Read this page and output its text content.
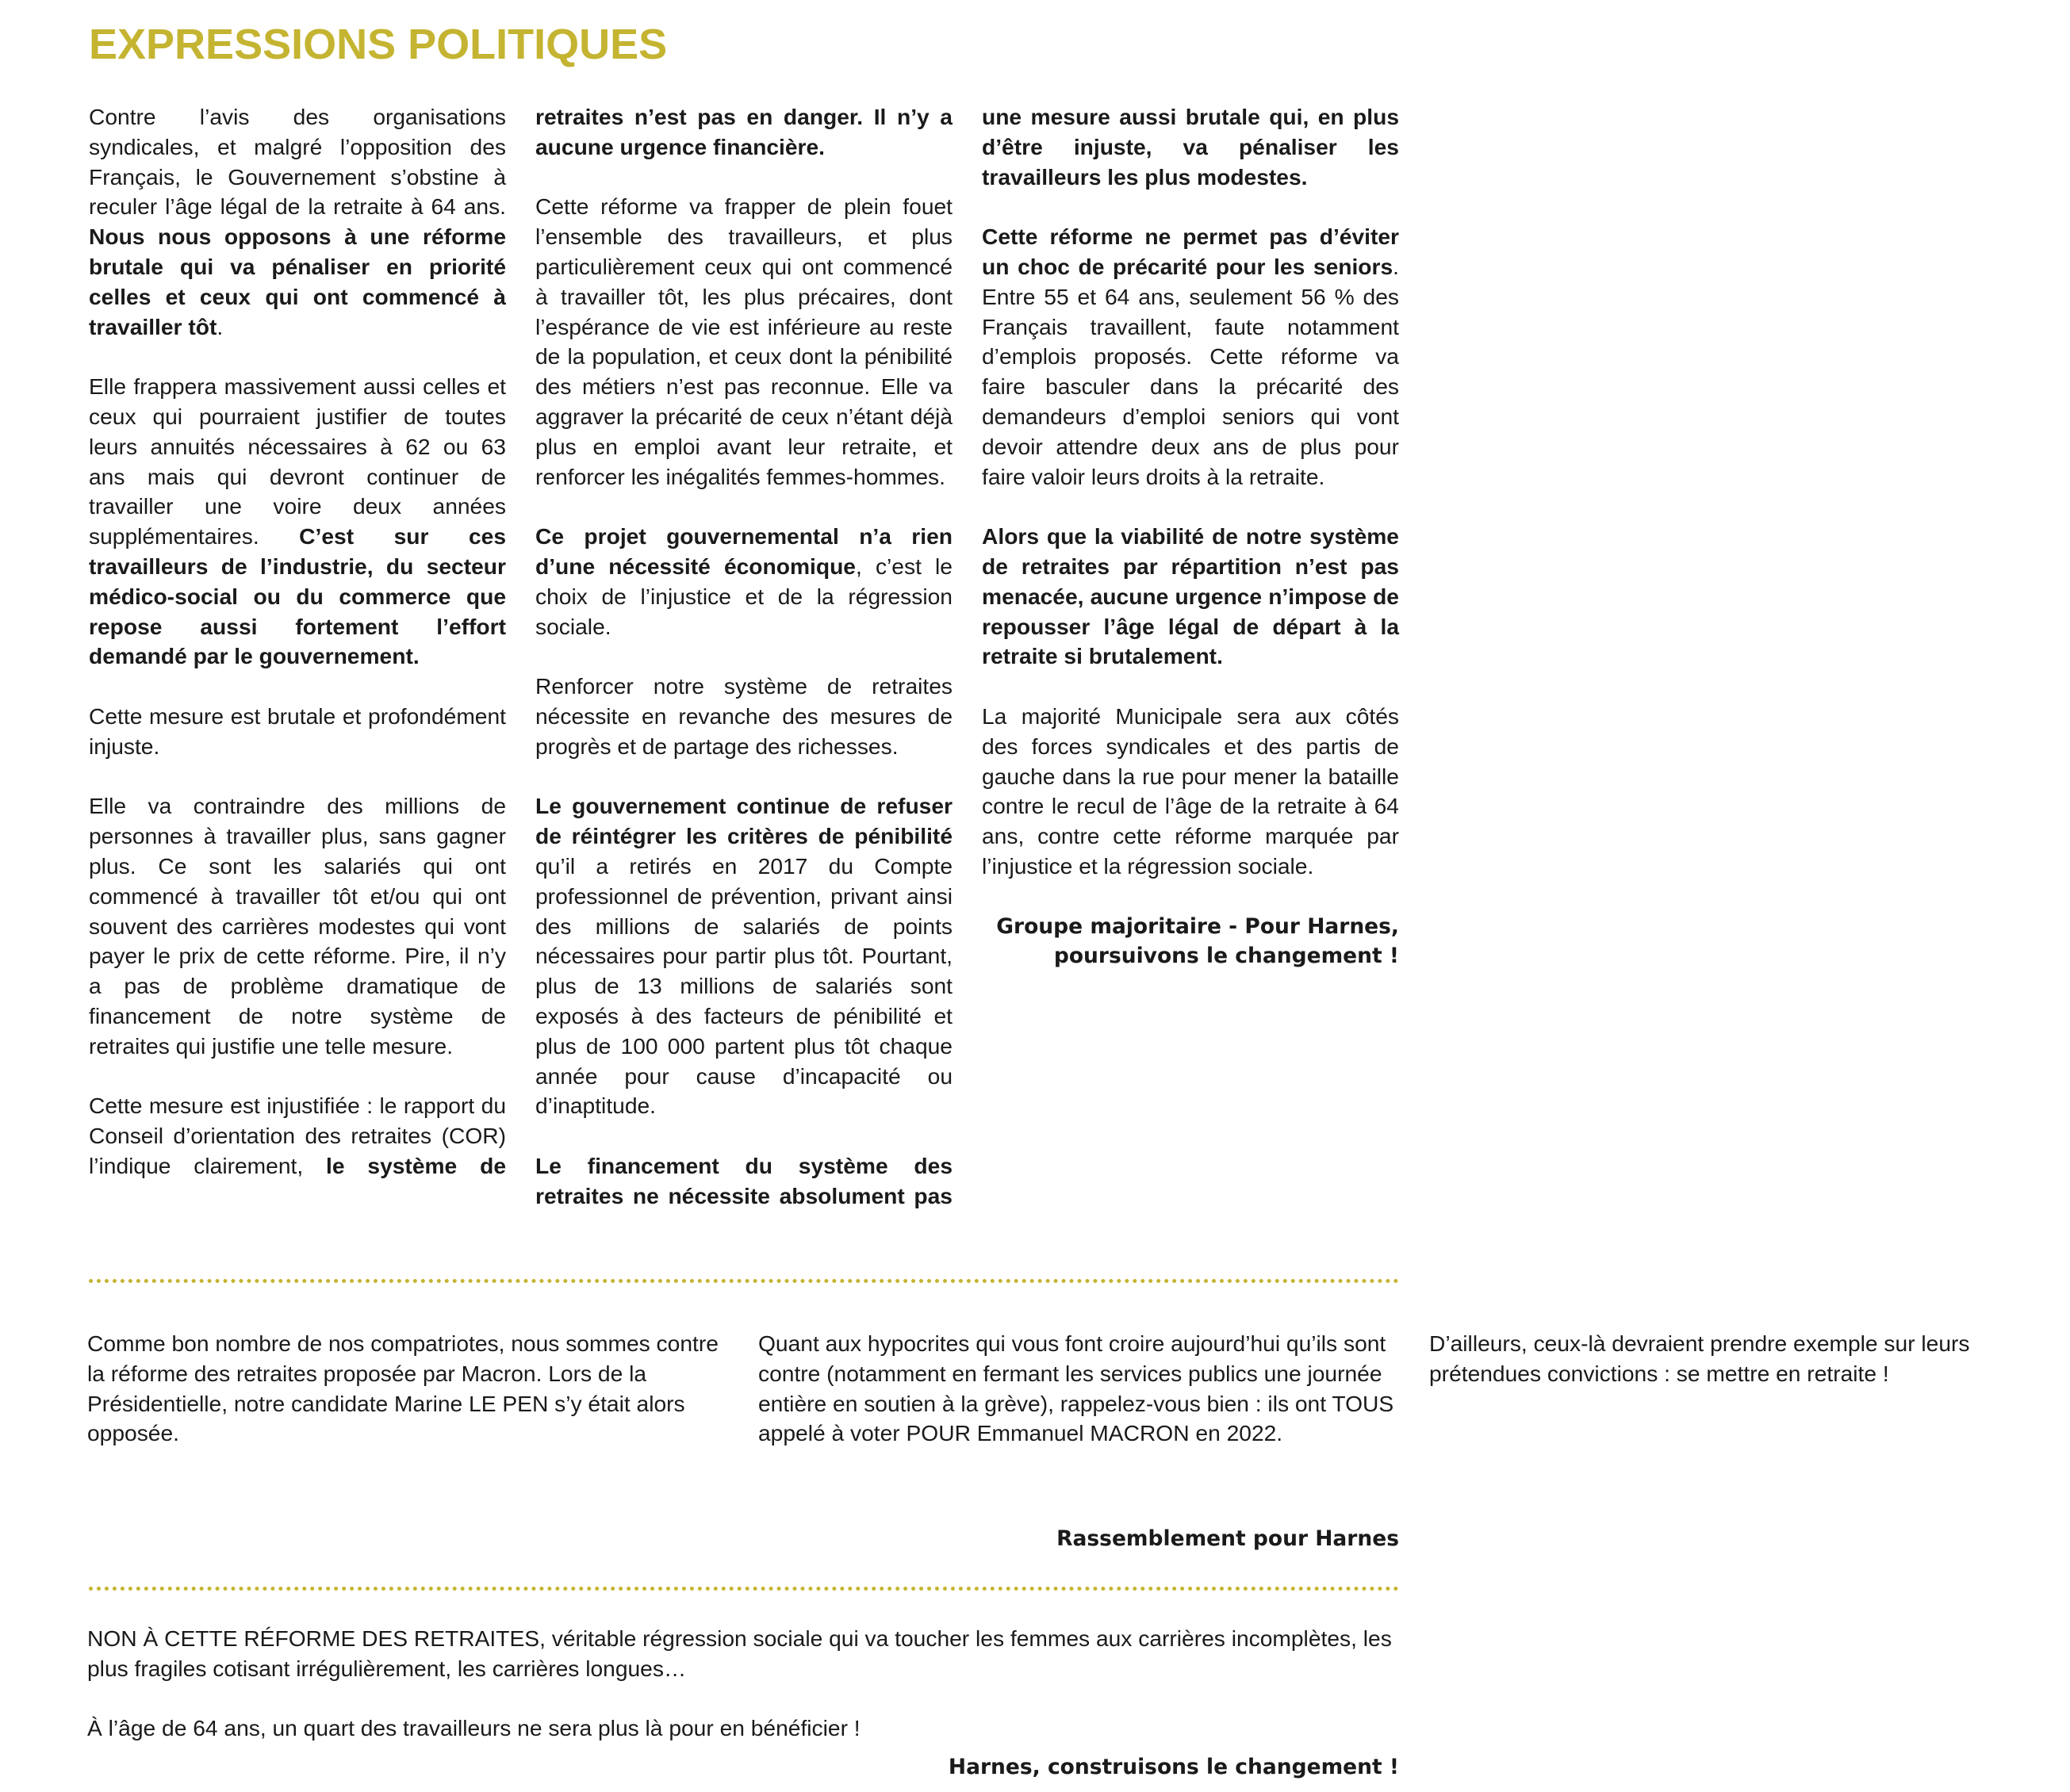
EXPRESSIONS POLITIQUES

Contre l’avis des organisations syndicales, et malgré l’opposition des Français, le Gouvernement s’obstine à reculer l’âge légal de la retraite à 64 ans. Nous nous opposons à une réforme brutale qui va pénaliser en priorité celles et ceux qui ont commencé à travailler tôt.

Elle frappera massivement aussi celles et ceux qui pourraient justifier de toutes leurs annuités nécessaires à 62 ou 63 ans mais qui devront continuer de travailler une voire deux années supplémentaires. C’est sur ces travailleurs de l’industrie, du secteur médico-social ou du commerce que repose aussi fortement l’effort demandé par le gouvernement.

Cette mesure est brutale et profondément injuste.

Elle va contraindre des millions de personnes à travailler plus, sans gagner plus. Ce sont les salariés qui ont commencé à travailler tôt et/ou qui ont souvent des carrières modestes qui vont payer le prix de cette réforme. Pire, il n’y a pas de problème dramatique de financement de notre système de retraites qui justifie une telle mesure.

Cette mesure est injustifiée : le rapport du Conseil d’orientation des retraites (COR) l’indique clairement, le système de retraites n’est pas en danger. Il n’y a aucune urgence financière.

Cette réforme va frapper de plein fouet l’ensemble des travailleurs, et plus particulièrement ceux qui ont commencé à travailler tôt, les plus précaires, dont l’espérance de vie est inférieure au reste de la population, et ceux dont la pénibilité des métiers n’est pas reconnue. Elle va aggraver la précarité de ceux n’étant déjà plus en emploi avant leur retraite, et renforcer les inégalités femmes-hommes.

Ce projet gouvernemental n’a rien d’une nécessité économique, c’est le choix de l’injustice et de la régression sociale.

Renforcer notre système de retraites nécessite en revanche des mesures de progrès et de partage des richesses.

Le gouvernement continue de refuser de réintégrer les critères de pénibilité qu’il a retirés en 2017 du Compte professionnel de prévention, privant ainsi des millions de salariés de points nécessaires pour partir plus tôt. Pourtant, plus de 13 millions de salariés sont exposés à des facteurs de pénibilité et plus de 100 000 partent plus tôt chaque année pour cause d’incapacité ou d’inaptitude.

Le financement du système des retraites ne nécessite absolument pas une mesure aussi brutale qui, en plus d’être injuste, va pénaliser les travailleurs les plus modestes.

Cette réforme ne permet pas d’éviter un choc de précarité pour les seniors. Entre 55 et 64 ans, seulement 56 % des Français travaillent, faute notamment d’emplois proposés. Cette réforme va faire basculer dans la précarité des demandeurs d’emploi seniors qui vont devoir attendre deux ans de plus pour faire valoir leurs droits à la retraite.

Alors que la viabilité de notre système de retraites par répartition n’est pas menacée, aucune urgence n’impose de repousser l’âge légal de départ à la retraite si brutalement.

La majorité Municipale sera aux côtés des forces syndicales et des partis de gauche dans la rue pour mener la bataille contre le recul de l’âge de la retraite à 64 ans, contre cette réforme marquée par l’injustice et la régression sociale.

Groupe majoritaire - Pour Harnes,
poursuivons le changement !

Comme bon nombre de nos compatriotes, nous sommes contre la réforme des retraites proposée par Macron. Lors de la Présidentielle, notre candidate Marine LE PEN s’y était alors opposée.

Quant aux hypocrites qui vous font croire aujourd’hui qu’ils sont contre (notamment en fermant les services publics une journée entière en soutien à la grève), rappelez-vous bien : ils ont TOUS appelé à voter POUR Emmanuel MACRON en 2022.

D’ailleurs, ceux-là devraient prendre exemple sur leurs prétendues convictions : se mettre en retraite !

Rassemblement pour Harnes

NON À CETTE RÉFORME DES RETRAITES, véritable régression sociale qui va toucher les femmes aux carrières incomplètes, les plus fragiles cotisant irrégulièrement, les carrières longues…

À l’âge de 64 ans, un quart des travailleurs ne sera plus là pour en bénéficier !

Harnes, construisons le changement !
